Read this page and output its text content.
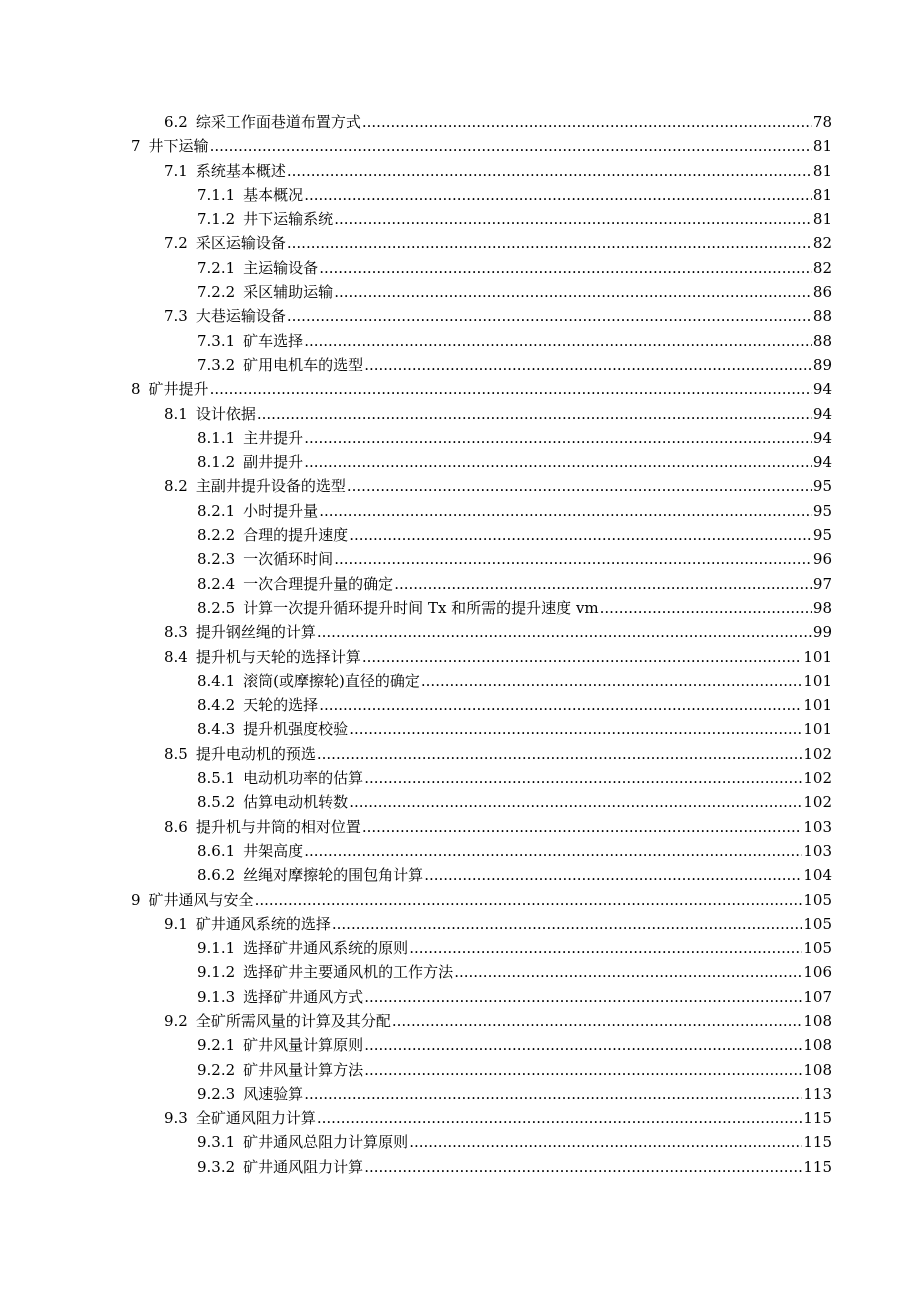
6.2 综采工作面巷道布置方式 .....	78
7 井下运输 .....	81
7.1 系统基本概述 .....	81
7.1.1 基本概况 .....	81
7.1.2 井下运输系统 .....	81
7.2 采区运输设备 .....	82
7.2.1 主运输设备 .....	82
7.2.2 采区辅助运输 .....	86
7.3 大巷运输设备 .....	88
7.3.1 矿车选择 .....	88
7.3.2 矿用电机车的选型 .....	89
8 矿井提升 .....	94
8.1 设计依据 .....	94
8.1.1 主井提升 .....	94
8.1.2 副井提升 .....	94
8.2 主副井提升设备的选型 .....	95
8.2.1 小时提升量 .....	95
8.2.2 合理的提升速度 .....	95
8.2.3 一次循环时间 .....	96
8.2.4 一次合理提升量的确定 .....	97
8.2.5 计算一次提升循环提升时间 Tx 和所需的提升速度 vm .....	98
8.3 提升钢丝绳的计算 .....	99
8.4 提升机与天轮的选择计算 .....	101
8.4.1 滚筒(或摩擦轮)直径的确定 .....	101
8.4.2 天轮的选择 .....	101
8.4.3 提升机强度校验 .....	101
8.5 提升电动机的预选 .....	102
8.5.1 电动机功率的估算 .....	102
8.5.2 估算电动机转数 .....	102
8.6 提升机与井筒的相对位置 .....	103
8.6.1 井架高度 .....	103
8.6.2 丝绳对摩擦轮的围包角计算 .....	104
9 矿井通风与安全 .....	105
9.1 矿井通风系统的选择 .....	105
9.1.1 选择矿井通风系统的原则 .....	105
9.1.2 选择矿井主要通风机的工作方法 .....	106
9.1.3 选择矿井通风方式 .....	107
9.2 全矿所需风量的计算及其分配 .....	108
9.2.1 矿井风量计算原则 .....	108
9.2.2 矿井风量计算方法 .....	108
9.2.3 风速验算 .....	113
9.3 全矿通风阻力计算 .....	115
9.3.1 矿井通风总阻力计算原则 .....	115
9.3.2 矿井通风阻力计算 .....	115
